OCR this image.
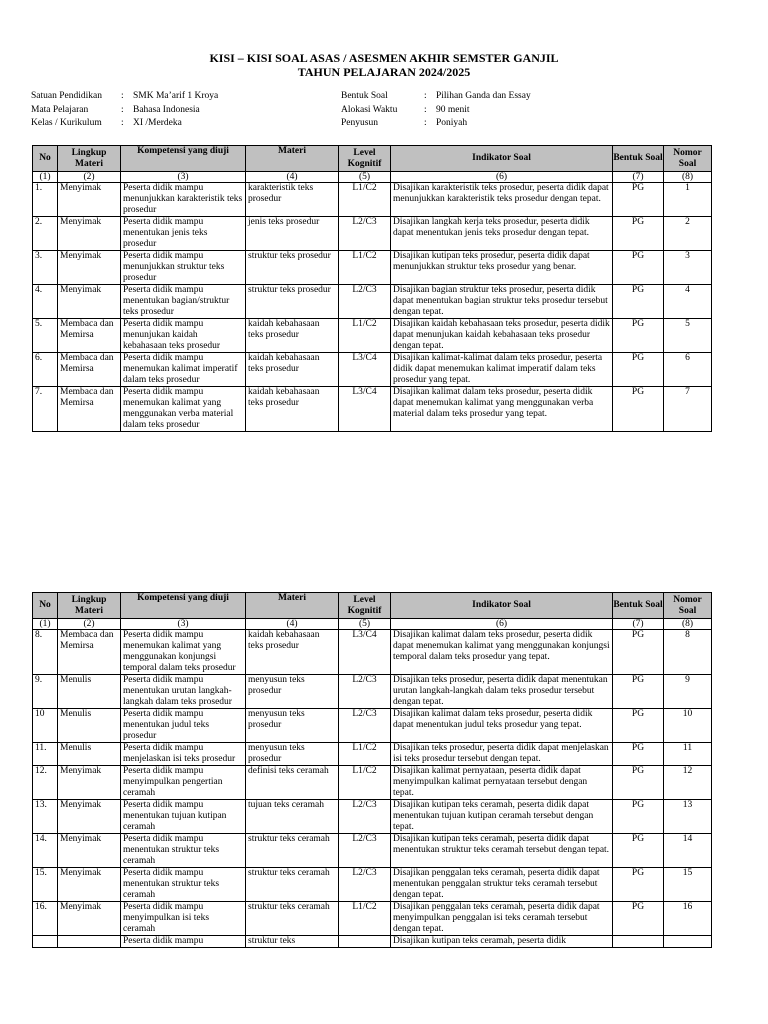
KISI – KISI SOAL ASAS / ASESMEN AKHIR SEMSTER GANJIL
TAHUN PELAJARAN 2024/2025
Satuan Pendidikan	: SMK Ma’arif 1 Kroya
Mata Pelajaran	: Bahasa Indonesia
Kelas / Kurikulum	: XI /Merdeka
Bentuk Soal	: Pilihan Ganda dan Essay
Alokasi Waktu	: 90 menit
Penyusun	: Poniyah
No	Lingkup Materi	Kompetensi yang diuji	Materi	Level Kognitif	Indikator Soal	Bentuk Soal	Nomor Soal
(1)	(2)	(3)	(4)	(5)	(6)	(7)	(8)
1.	Menyimak	Peserta didik mampu menunjukkan karakteristik teks prosedur	karakteristik teks prosedur	L1/C2	Disajikan karakteristik teks prosedur, peserta didik dapat menunjukkan karakteristik teks prosedur dengan tepat.	PG	1
2.	Menyimak	Peserta didik mampu menentukan jenis teks prosedur	jenis teks prosedur	L2/C3	Disajikan langkah kerja teks prosedur, peserta didik dapat menentukan jenis teks prosedur dengan tepat.	PG	2
3.	Menyimak	Peserta didik mampu menunjukkan struktur teks prosedur	struktur teks prosedur	L1/C2	Disajikan kutipan teks prosedur, peserta didik dapat menunjukkan struktur teks prosedur yang benar.	PG	3
4.	Menyimak	Peserta didik mampu menentukan bagian/struktur teks prosedur	struktur teks prosedur	L2/C3	Disajikan bagian struktur teks prosedur, peserta didik dapat menentukan bagian struktur teks prosedur tersebut dengan tepat.	PG	4
5.	Membaca dan Memirsa	Peserta didik mampu menunjukan kaidah kebahasaan teks prosedur	kaidah kebahasaan teks prosedur	L1/C2	Disajikan kaidah kebahasaan teks prosedur, peserta didik dapat menunjukan kaidah kebahasaan teks prosedur dengan tepat.	PG	5
6.	Membaca dan Memirsa	Peserta didik mampu menemukan kalimat imperatif dalam teks prosedur	kaidah kebahasaan teks prosedur	L3/C4	Disajikan kalimat-kalimat dalam teks prosedur, peserta didik dapat menemukan kalimat imperatif dalam teks prosedur yang tepat.	PG	6
7.	Membaca dan Memirsa	Peserta didik mampu menemukan kalimat yang menggunakan verba material dalam teks prosedur	kaidah kebahasaan teks prosedur	L3/C4	Disajikan kalimat dalam teks prosedur, peserta didik dapat menemukan kalimat yang menggunakan verba material dalam teks prosedur yang tepat.	PG	7
No	Lingkup Materi	Kompetensi yang diuji	Materi	Level Kognitif	Indikator Soal	Bentuk Soal	Nomor Soal
(1)	(2)	(3)	(4)	(5)	(6)	(7)	(8)
8.	Membaca dan Memirsa	Peserta didik mampu menemukan kalimat yang menggunakan konjungsi temporal dalam teks prosedur	kaidah kebahasaan teks prosedur	L3/C4	Disajikan kalimat dalam teks prosedur, peserta didik dapat menemukan kalimat yang menggunakan konjungsi temporal dalam teks prosedur yang tepat.	PG	8
9.	Menulis	Peserta didik mampu menentukan urutan langkah-langkah dalam teks prosedur	menyusun teks prosedur	L2/C3	Disajikan teks prosedur, peserta didik dapat menentukan urutan langkah-langkah dalam teks prosedur tersebut dengan tepat.	PG	9
10	Menulis	Peserta didik mampu menentukan judul teks prosedur	menyusun teks prosedur	L2/C3	Disajikan kalimat dalam teks prosedur, peserta didik dapat menentukan judul teks prosedur yang tepat.	PG	10
11.	Menulis	Peserta didik mampu menjelaskan isi teks prosedur	menyusun teks prosedur	L1/C2	Disajikan teks prosedur, peserta didik dapat menjelaskan isi teks prosedur tersebut dengan tepat.	PG	11
12.	Menyimak	Peserta didik mampu menyimpulkan pengertian ceramah	definisi teks ceramah	L1/C2	Disajikan kalimat pernyataan, peserta didik dapat menyimpulkan kalimat pernyataan tersebut dengan tepat.	PG	12
13.	Menyimak	Peserta didik mampu menentukan tujuan kutipan ceramah	tujuan teks ceramah	L2/C3	Disajikan kutipan teks ceramah, peserta didik dapat menentukan tujuan kutipan ceramah tersebut dengan tepat.	PG	13
14.	Menyimak	Peserta didik mampu menentukan struktur teks ceramah	struktur teks ceramah	L2/C3	Disajikan kutipan teks ceramah, peserta didik dapat menentukan struktur teks ceramah tersebut dengan tepat.	PG	14
15.	Menyimak	Peserta didik mampu menentukan struktur teks ceramah	struktur teks ceramah	L2/C3	Disajikan penggalan teks ceramah, peserta didik dapat menentukan penggalan struktur teks ceramah tersebut dengan tepat.	PG	15
16.	Menyimak	Peserta didik mampu menyimpulkan isi teks ceramah	struktur teks ceramah	L1/C2	Disajikan penggalan teks ceramah, peserta didik dapat menyimpulkan penggalan isi teks ceramah tersebut dengan tepat.	PG	16
		Peserta didik mampu	struktur teks		Disajikan kutipan teks ceramah, peserta didik		
